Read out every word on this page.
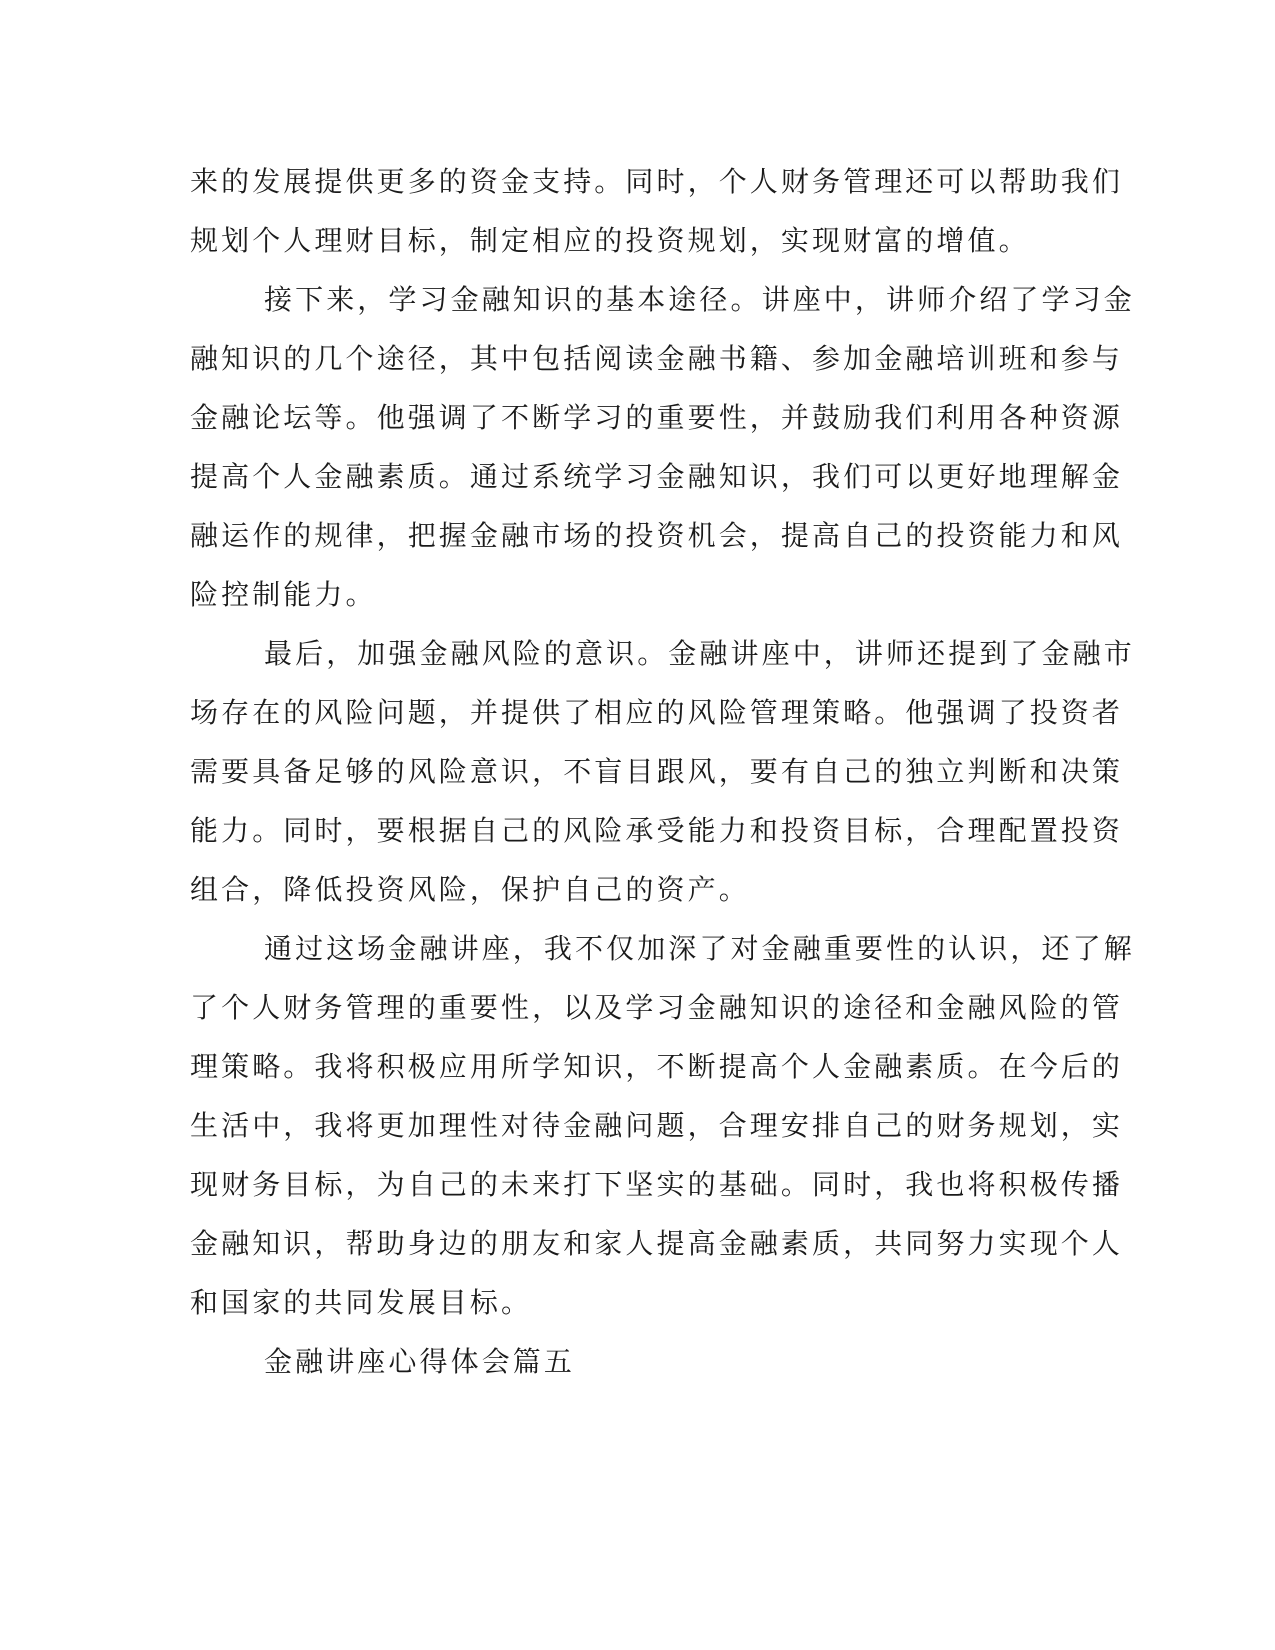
来的发展提供更多的资金支持。同时，个人财务管理还可以帮助我们

规划个人理财目标，制定相应的投资规划，实现财富的增值。

接下来，学习金融知识的基本途径。讲座中，讲师介绍了学习金

融知识的几个途径，其中包括阅读金融书籍、参加金融培训班和参与

金融论坛等。他强调了不断学习的重要性，并鼓励我们利用各种资源

提高个人金融素质。通过系统学习金融知识，我们可以更好地理解金

融运作的规律，把握金融市场的投资机会，提高自己的投资能力和风

险控制能力。

最后，加强金融风险的意识。金融讲座中，讲师还提到了金融市

场存在的风险问题，并提供了相应的风险管理策略。他强调了投资者

需要具备足够的风险意识，不盲目跟风，要有自己的独立判断和决策

能力。同时，要根据自己的风险承受能力和投资目标，合理配置投资

组合，降低投资风险，保护自己的资产。

通过这场金融讲座，我不仅加深了对金融重要性的认识，还了解

了个人财务管理的重要性，以及学习金融知识的途径和金融风险的管

理策略。我将积极应用所学知识，不断提高个人金融素质。在今后的

生活中，我将更加理性对待金融问题，合理安排自己的财务规划，实

现财务目标，为自己的未来打下坚实的基础。同时，我也将积极传播

金融知识，帮助身边的朋友和家人提高金融素质，共同努力实现个人

和国家的共同发展目标。

金融讲座心得体会篇五
